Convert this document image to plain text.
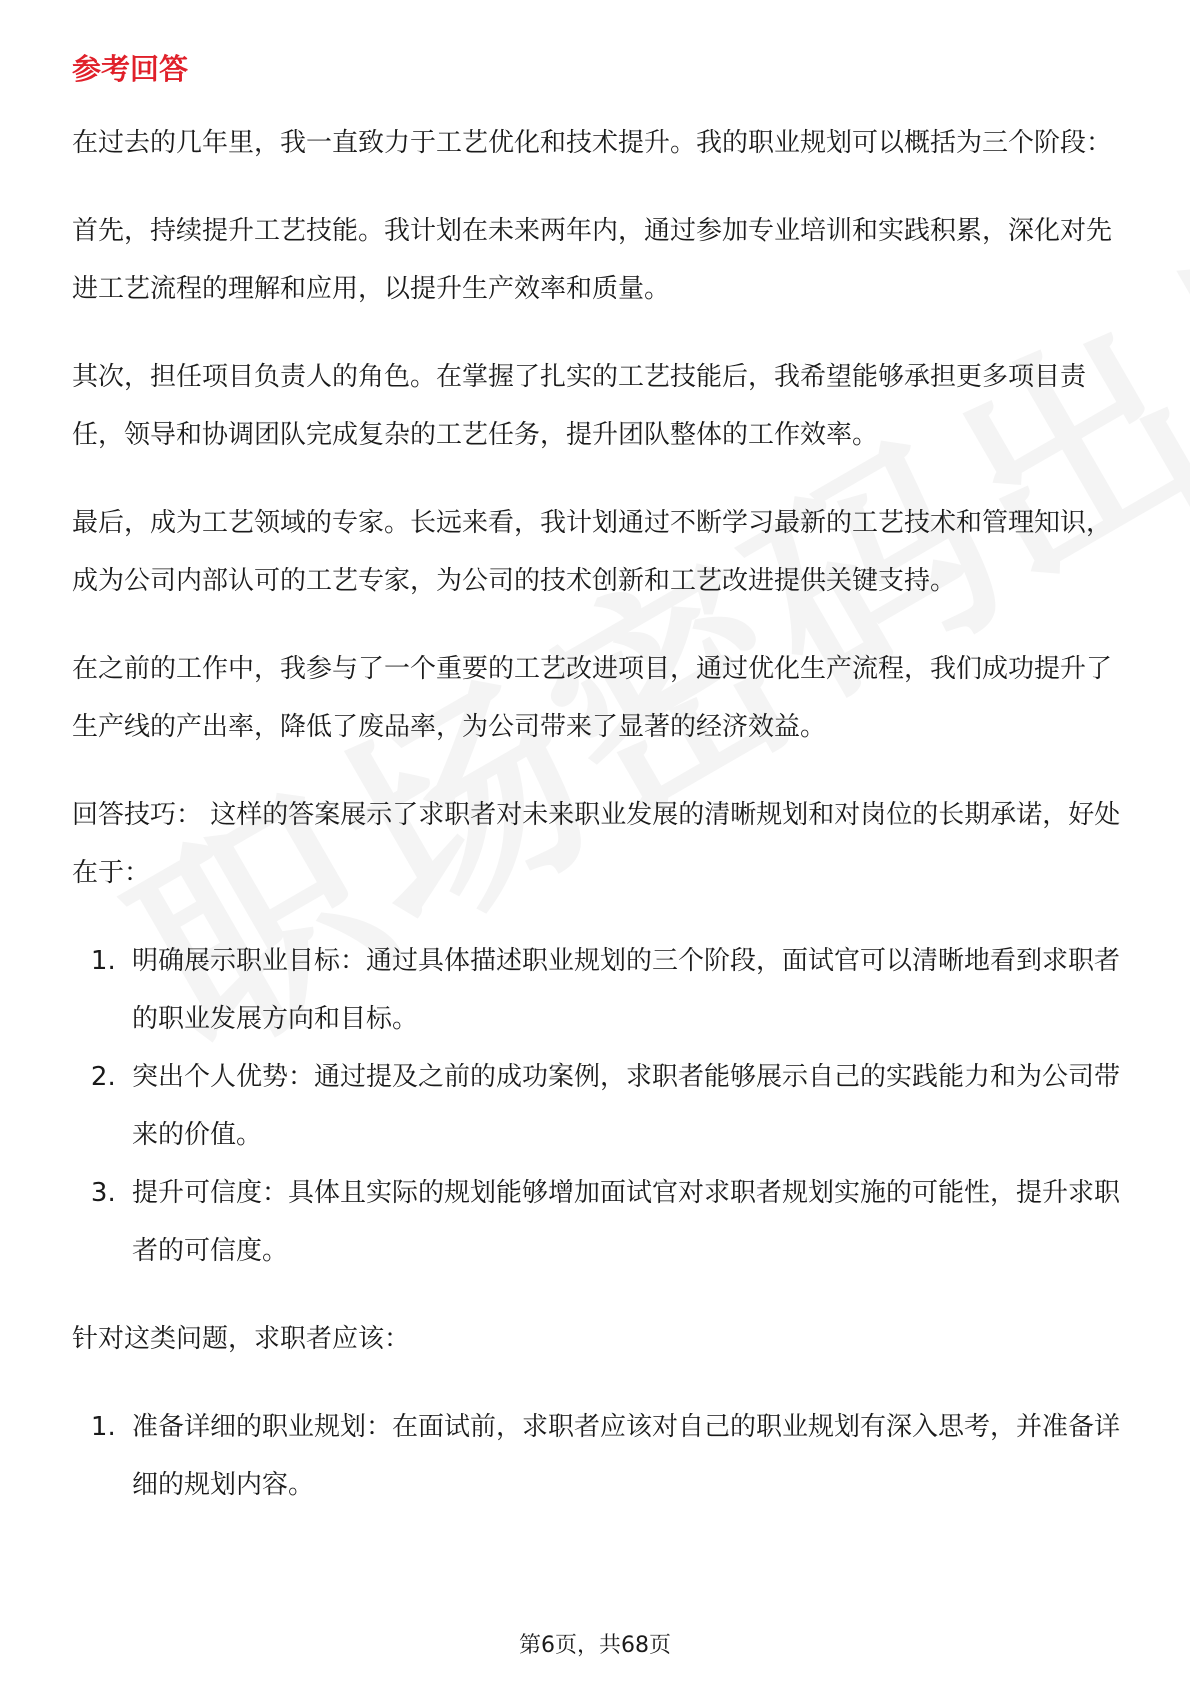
参考回答

在过去的几年里，我一直致力于工艺优化和技术提升。我的职业规划可以概括为三个阶段：

首先，持续提升工艺技能。我计划在未来两年内，通过参加专业培训和实践积累，深化对先进工艺流程的理解和应用，以提升生产效率和质量。

其次，担任项目负责人的角色。在掌握了扎实的工艺技能后，我希望能够承担更多项目责任，领导和协调团队完成复杂的工艺任务，提升团队整体的工作效率。

最后，成为工艺领域的专家。长远来看，我计划通过不断学习最新的工艺技术和管理知识，成为公司内部认可的工艺专家，为公司的技术创新和工艺改进提供关键支持。

在之前的工作中，我参与了一个重要的工艺改进项目，通过优化生产流程，我们成功提升了生产线的产出率，降低了废品率，为公司带来了显著的经济效益。

回答技巧： 这样的答案展示了求职者对未来职业发展的清晰规划和对岗位的长期承诺，好处在于：

1. 明确展示职业目标：通过具体描述职业规划的三个阶段，面试官可以清晰地看到求职者的职业发展方向和目标。
2. 突出个人优势：通过提及之前的成功案例，求职者能够展示自己的实践能力和为公司带来的价值。
3. 提升可信度：具体且实际的规划能够增加面试官对求职者规划实施的可能性，提升求职者的可信度。

针对这类问题，求职者应该：

1. 准备详细的职业规划：在面试前，求职者应该对自己的职业规划有深入思考，并准备详细的规划内容。
第6页，共68页
